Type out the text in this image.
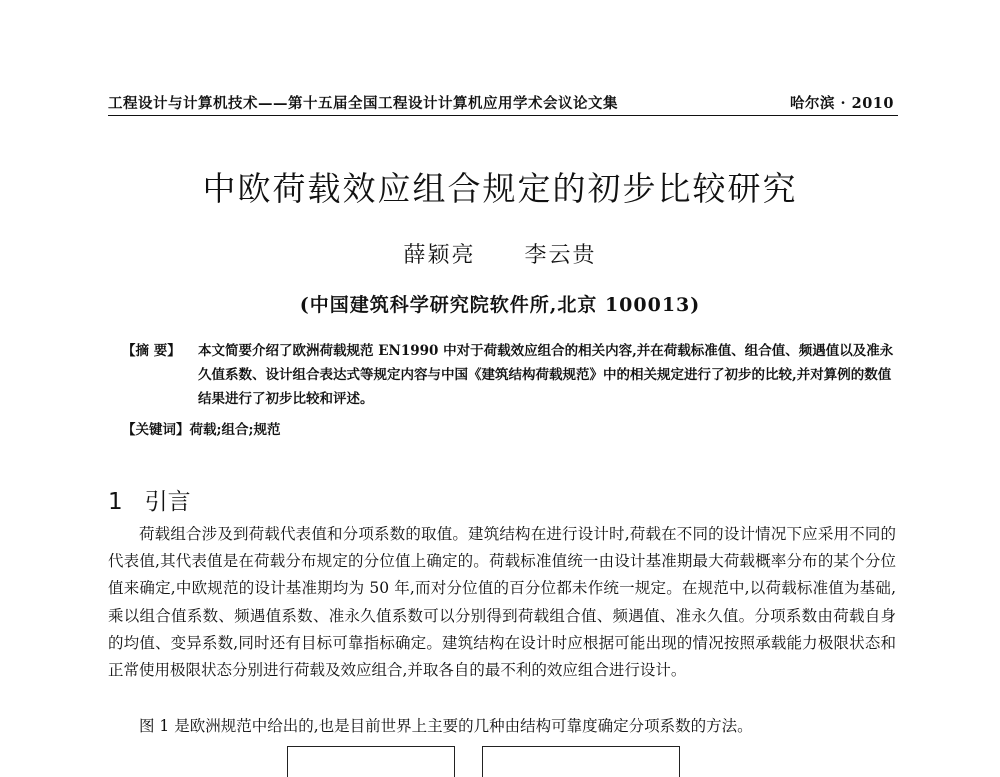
工程设计与计算机技术——第十五届全国工程设计计算机应用学术会议论文集	哈尔滨 · 2010
中欧荷载效应组合规定的初步比较研究
薛颖亮 李云贵
(中国建筑科学研究院软件所,北京 100013)
【摘 要】 本文简要介绍了欧洲荷载规范 EN1990 中对于荷载效应组合的相关内容,并在荷载标准值、组合值、频遇值以及准永久值系数、设计组合表达式等规定内容与中国《建筑结构荷载规范》中的相关规定进行了初步的比较,并对算例的数值结果进行了初步比较和评述。
【关键词】荷载;组合;规范
1 引言
荷载组合涉及到荷载代表值和分项系数的取值。建筑结构在进行设计时,荷载在不同的设计情况下应采用不同的代表值,其代表值是在荷载分布规定的分位值上确定的。荷载标准值统一由设计基准期最大荷载概率分布的某个分位值来确定,中欧规范的设计基准期均为 50 年,而对分位值的百分位都未作统一规定。在规范中,以荷载标准值为基础,乘以组合值系数、频遇值系数、准永久值系数可以分别得到荷载组合值、频遇值、准永久值。分项系数由荷载自身的均值、变异系数,同时还有目标可靠指标确定。建筑结构在设计时应根据可能出现的情况按照承载能力极限状态和正常使用极限状态分别进行荷载及效应组合,并取各自的最不利的效应组合进行设计。
图 1 是欧洲规范中给出的,也是目前世界上主要的几种由结构可靠度确定分项系数的方法。
